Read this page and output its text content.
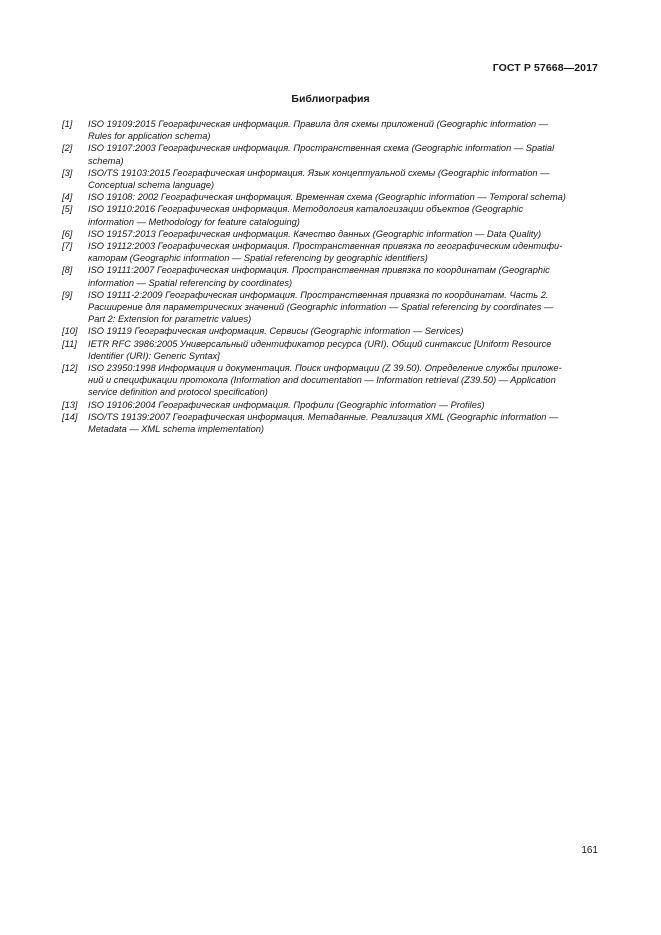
ГОСТ Р 57668—2017
Библиография
[1]	ISO 19109:2015 Географическая информация. Правила для схемы приложений (Geographic information —
Rules for application schema)
[2]	ISO 19107:2003 Географическая информация. Пространственная схема (Geographic information — Spatial
schema)
[3]	ISO/TS 19103:2015 Географическая информация. Язык концептуальной схемы (Geographic information —
Conceptual schema language)
[4]	ISO 19108: 2002 Географическая информация. Временная схема (Geographic information — Temporal schema)
[5]	ISO 19110:2016 Географическая информация. Методология каталогизации объектов (Geographic
information — Methodology for feature cataloguing)
[6]	ISO 19157:2013 Географическая информация. Качество данных (Geographic information — Data Quality)
[7]	ISO 19112:2003 Географическая информация. Пространственная привязка по географическим идентифи-
каторам (Geographic information — Spatial referencing by geographic identifiers)
[8]	ISO 19111:2007 Географическая информация. Пространственная привязка по координатам (Geographic
information — Spatial referencing by coordinates)
[9]	ISO 19111-2:2009 Географическая информация. Пространственная привязка по координатам. Часть 2.
Расширение для параметрических значений (Geographic information — Spatial referencing by coordinates —
Part 2: Extension for parametric values)
[10]	ISO 19119 Географическая информация. Сервисы (Geographic information — Services)
[11]	IETR RFC 3986:2005 Универсальный идентификатор ресурса (URI). Общий синтаксис [Uniform Resource
Identifier (URI): Generic Syntax]
[12]	ISO 23950:1998 Информация и документация. Поиск информации (Z 39.50). Определение службы приложе-
ний и спецификации протокола (Information and documentation — Information retrieval (Z39.50) — Application
service definition and protocol specification)
[13]	ISO 19106:2004 Географическая информация. Профили (Geographic information — Profiles)
[14]	ISO/TS 19139:2007 Географическая информация. Метаданные. Реализация XML (Geographic information —
Metadata — XML schema implementation)
161
